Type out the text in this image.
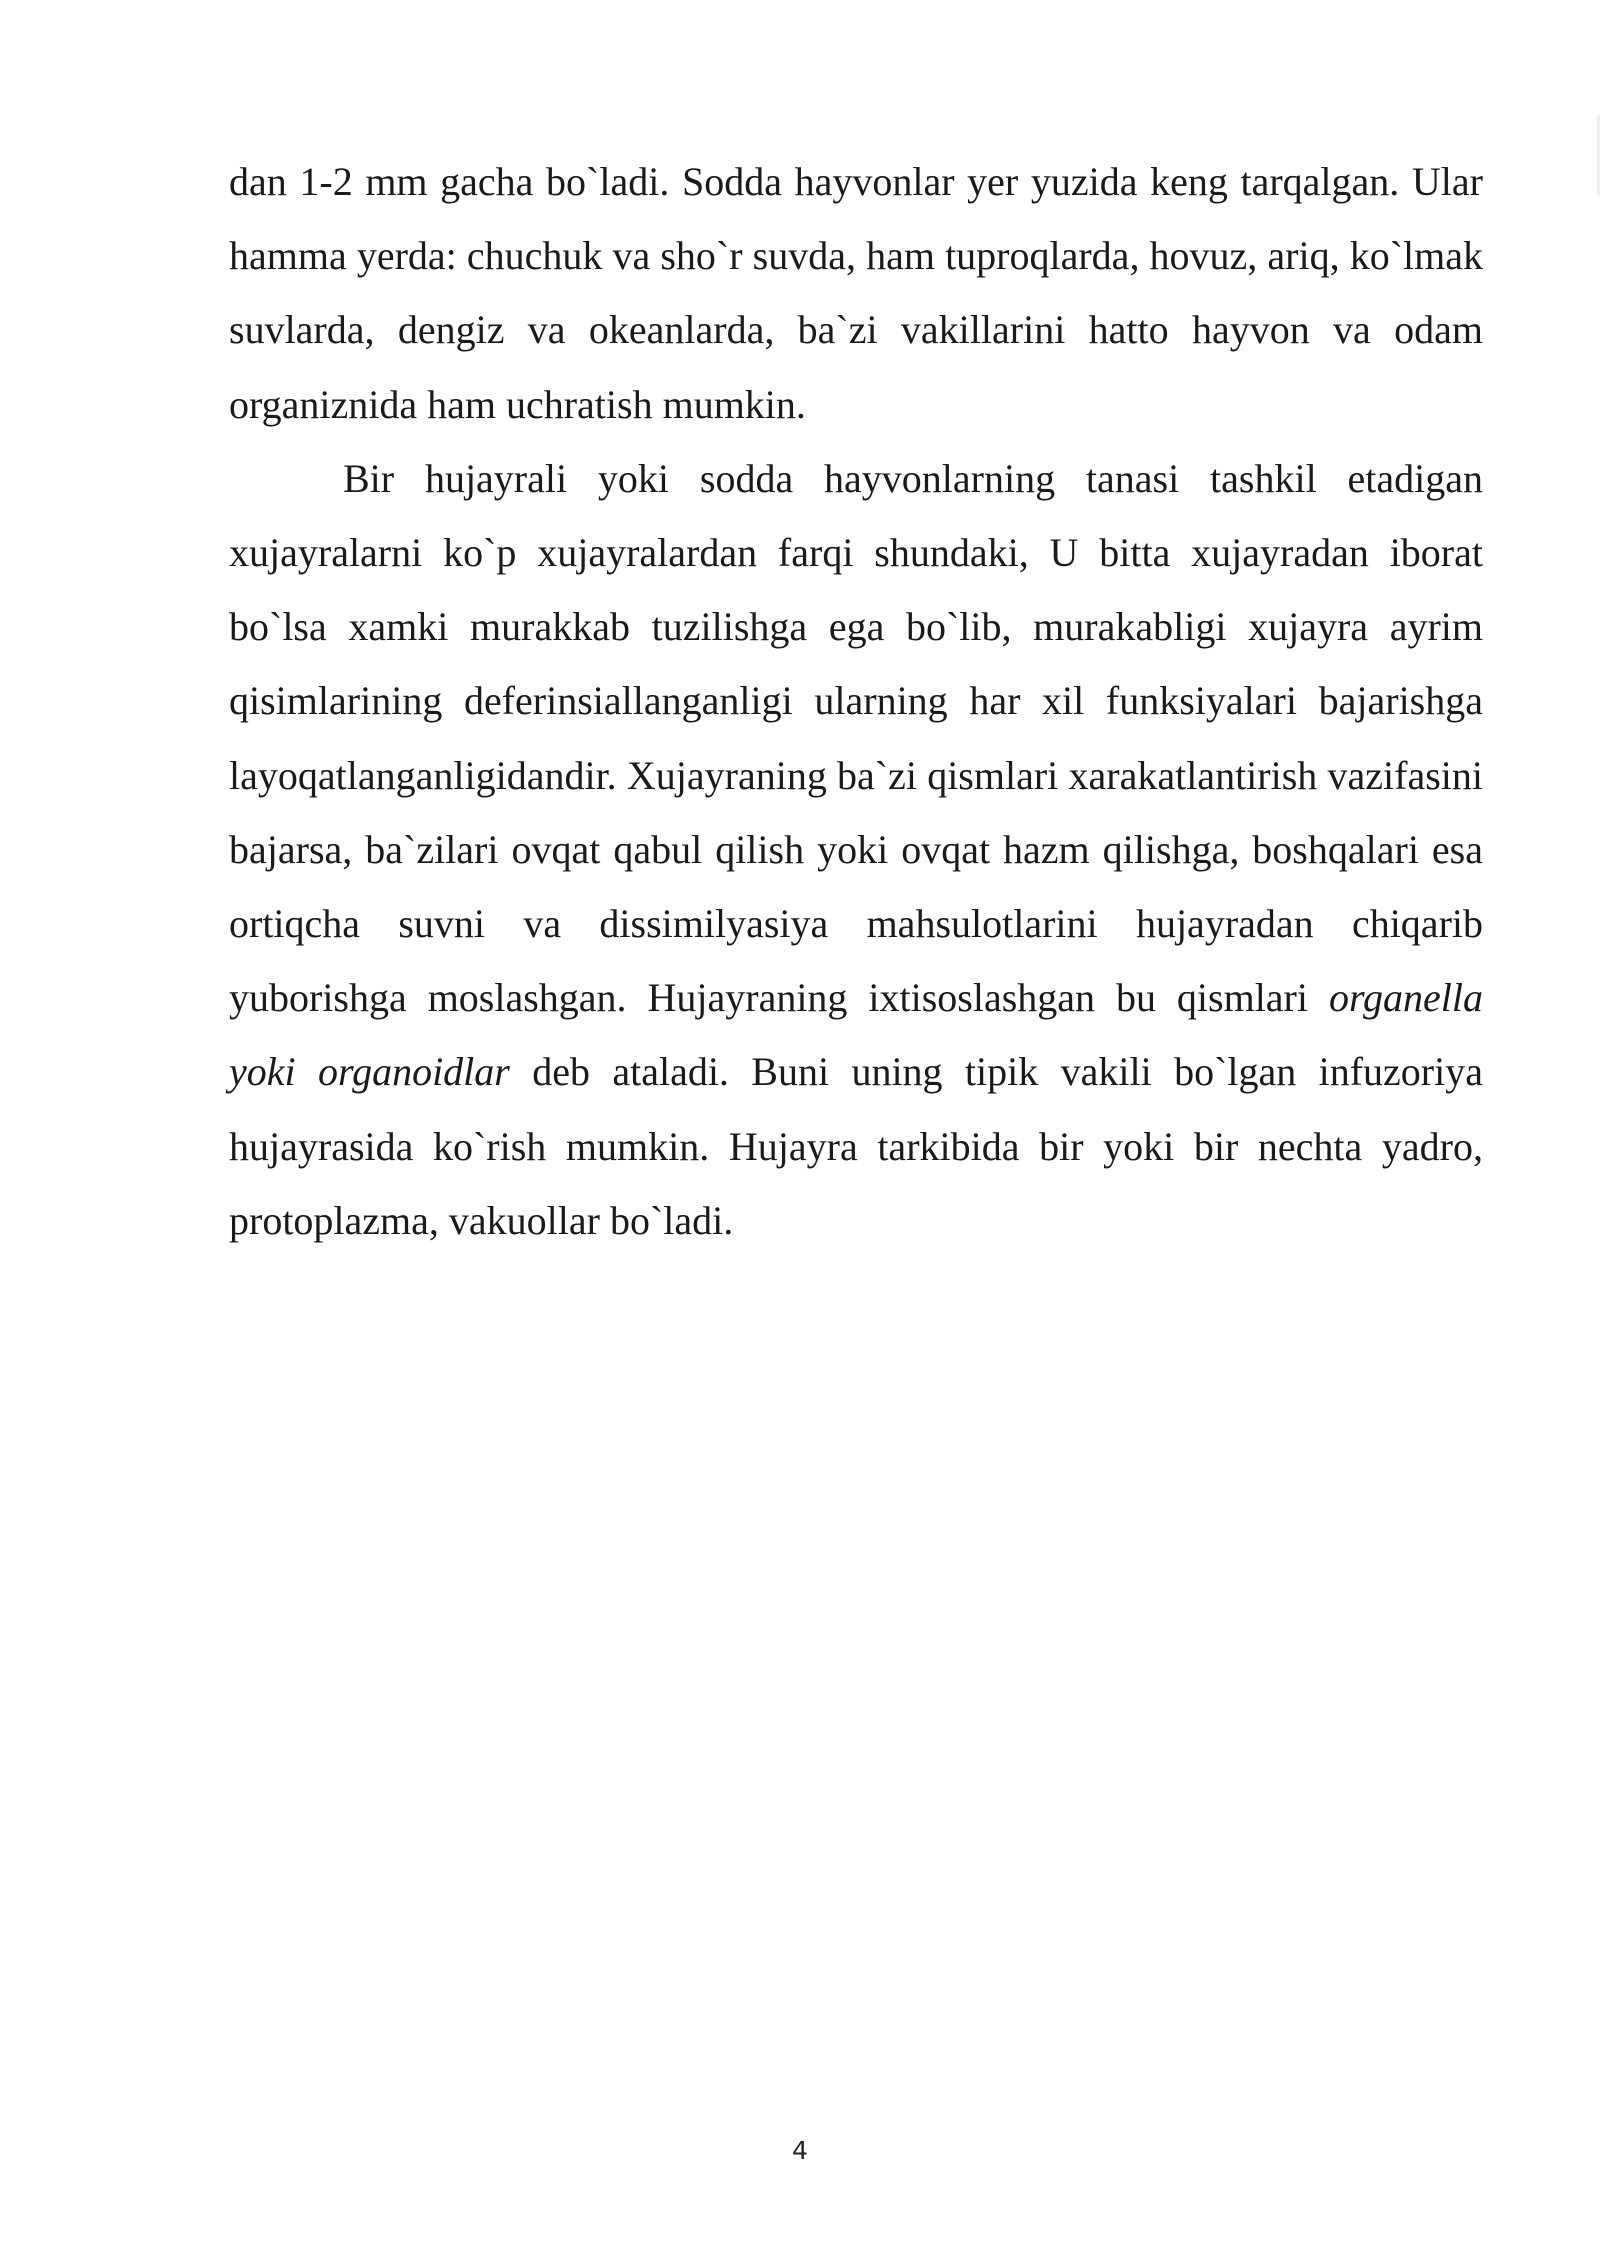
dan 1-2 mm gacha bo`ladi. Sodda hayvonlar yer yuzida keng tarqalgan. Ular hamma yerda: chuchuk va sho`r suvda, ham tuproqlarda, hovuz, ariq, ko`lmak suvlarda, dengiz va okeanlarda, ba`zi vakillarini hatto hayvon va odam organiznida ham uchratish mumkin.

Bir hujayrali yoki sodda hayvonlarning tanasi tashkil etadigan xujayralarni ko`p xujayralardan farqi shundaki, U bitta xujayradan iborat bo`lsa xamki murakkab tuzilishga ega bo`lib, murakabligi xujayra ayrim qisimlarining deferinsiallanganligi ularning har xil funksiyalari bajarishga layoqatlanganligidandir. Xujayraning ba`zi qismlari xarakatlantirish vazifasini bajarsa, ba`zilari ovqat qabul qilish yoki ovqat hazm qilishga, boshqalari esa ortiqcha suvni va dissimilyasiya mahsulotlarini hujayradan chiqarib yuborishga moslashgan. Hujayraning ixtisoslashgan bu qismlari organella yoki organoidlar deb ataladi. Buni uning tipik vakili bo`lgan infuzoriya hujayrasida ko`rish mumkin. Hujayra tarkibida bir yoki bir nechta yadro, protoplazma, vakuollar bo`ladi.

4
